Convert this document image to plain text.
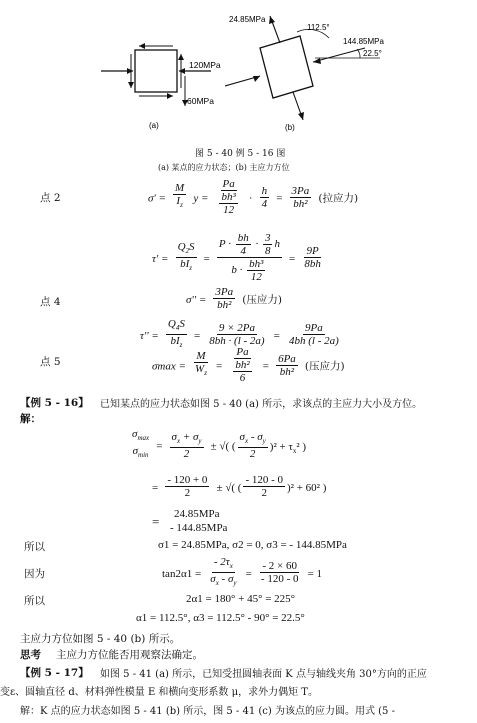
120MPa
60MPa
(a)
24.85MPa
112.5°
144.85MPa
22.5°
(b)
图 5 - 40 例 5 - 16 图
(a) 某点的应力状态；(b) 主应力方位
点 2	$\sigma' = \frac{M}{I_z}$ $y = \frac{Pa}{\frac{\text{bh³}}{12}} \cdot \frac{h}{4} = \frac{3Pa}{\text{bh²}}$ (拉应力)
$\tau' = \frac{Q_2S}{bI_z} = \frac{P \cdot \frac{bh}{4} \cdot \frac{3}{8} h}{b \cdot \frac{\text{bh³}}{12}} = \frac{9P}{8bh}$
点 4	$\sigma'' = \frac{3Pa}{\text{bh²}}$ (压应力)
$\tau'' = \frac{Q_4S}{bI_z} = \frac{9 \times 2Pa}{8bh \cdot (l - 2a)} = \frac{9Pa}{4bh (l - 2a)}$
点 5	$\sigma\max = \frac{M}{W_z} = \frac{Pa}{\frac{\text{bh²}}{6}} = \frac{6Pa}{\text{bh²}}$ (压应力)
【例 5 - 16】 已知某点的应力状态如图 5 - 40 (a) 所示，求该点的主应力大小及方位。
解：
$\sigma_{max}$
$\sigma_{min}$
= $\frac{\sigma_x + \sigma_y}{2}$ ± √( ( $\frac{\sigma_x - \sigma_y}{2} )^2 + \tau_x^2$ )
= $\frac{- 120 + 0}{2}$ ± √( ( $\frac{- 120 - 0}{2} )^2 + 60^2$ )
= 24.85MPa
- 144.85MPa
所以	σ1 = 24.85MPa, σ2 = 0, σ3 = - 144.85MPa
因为	$\tan 2\alpha 1 = \frac{- 2\tau_x}{\sigma_x - \sigma_y} = \frac{- 2 \times 60}{- 120 - 0} = 1$
所以	2α1 = 180° + 45° = 225°
α1 = 112.5°, α3 = 112.5° - 90° = 22.5°
主应力方位如图 5 - 40 (b) 所示。
思考 主应力方位能否用观察法确定。
【例 5 - 17】 如图 5 - 41 (a) 所示，已知受扭圆轴表面 K 点与轴线夹角 30°方向的正应
变ε、圆轴直径 d、材料弹性模量 E 和横向变形系数 μ，求外力偶矩 T。
解：K 点的应力状态如图 5 - 41 (b) 所示，图 5 - 41 (c) 为该点的应力圆。用式 (5 -
